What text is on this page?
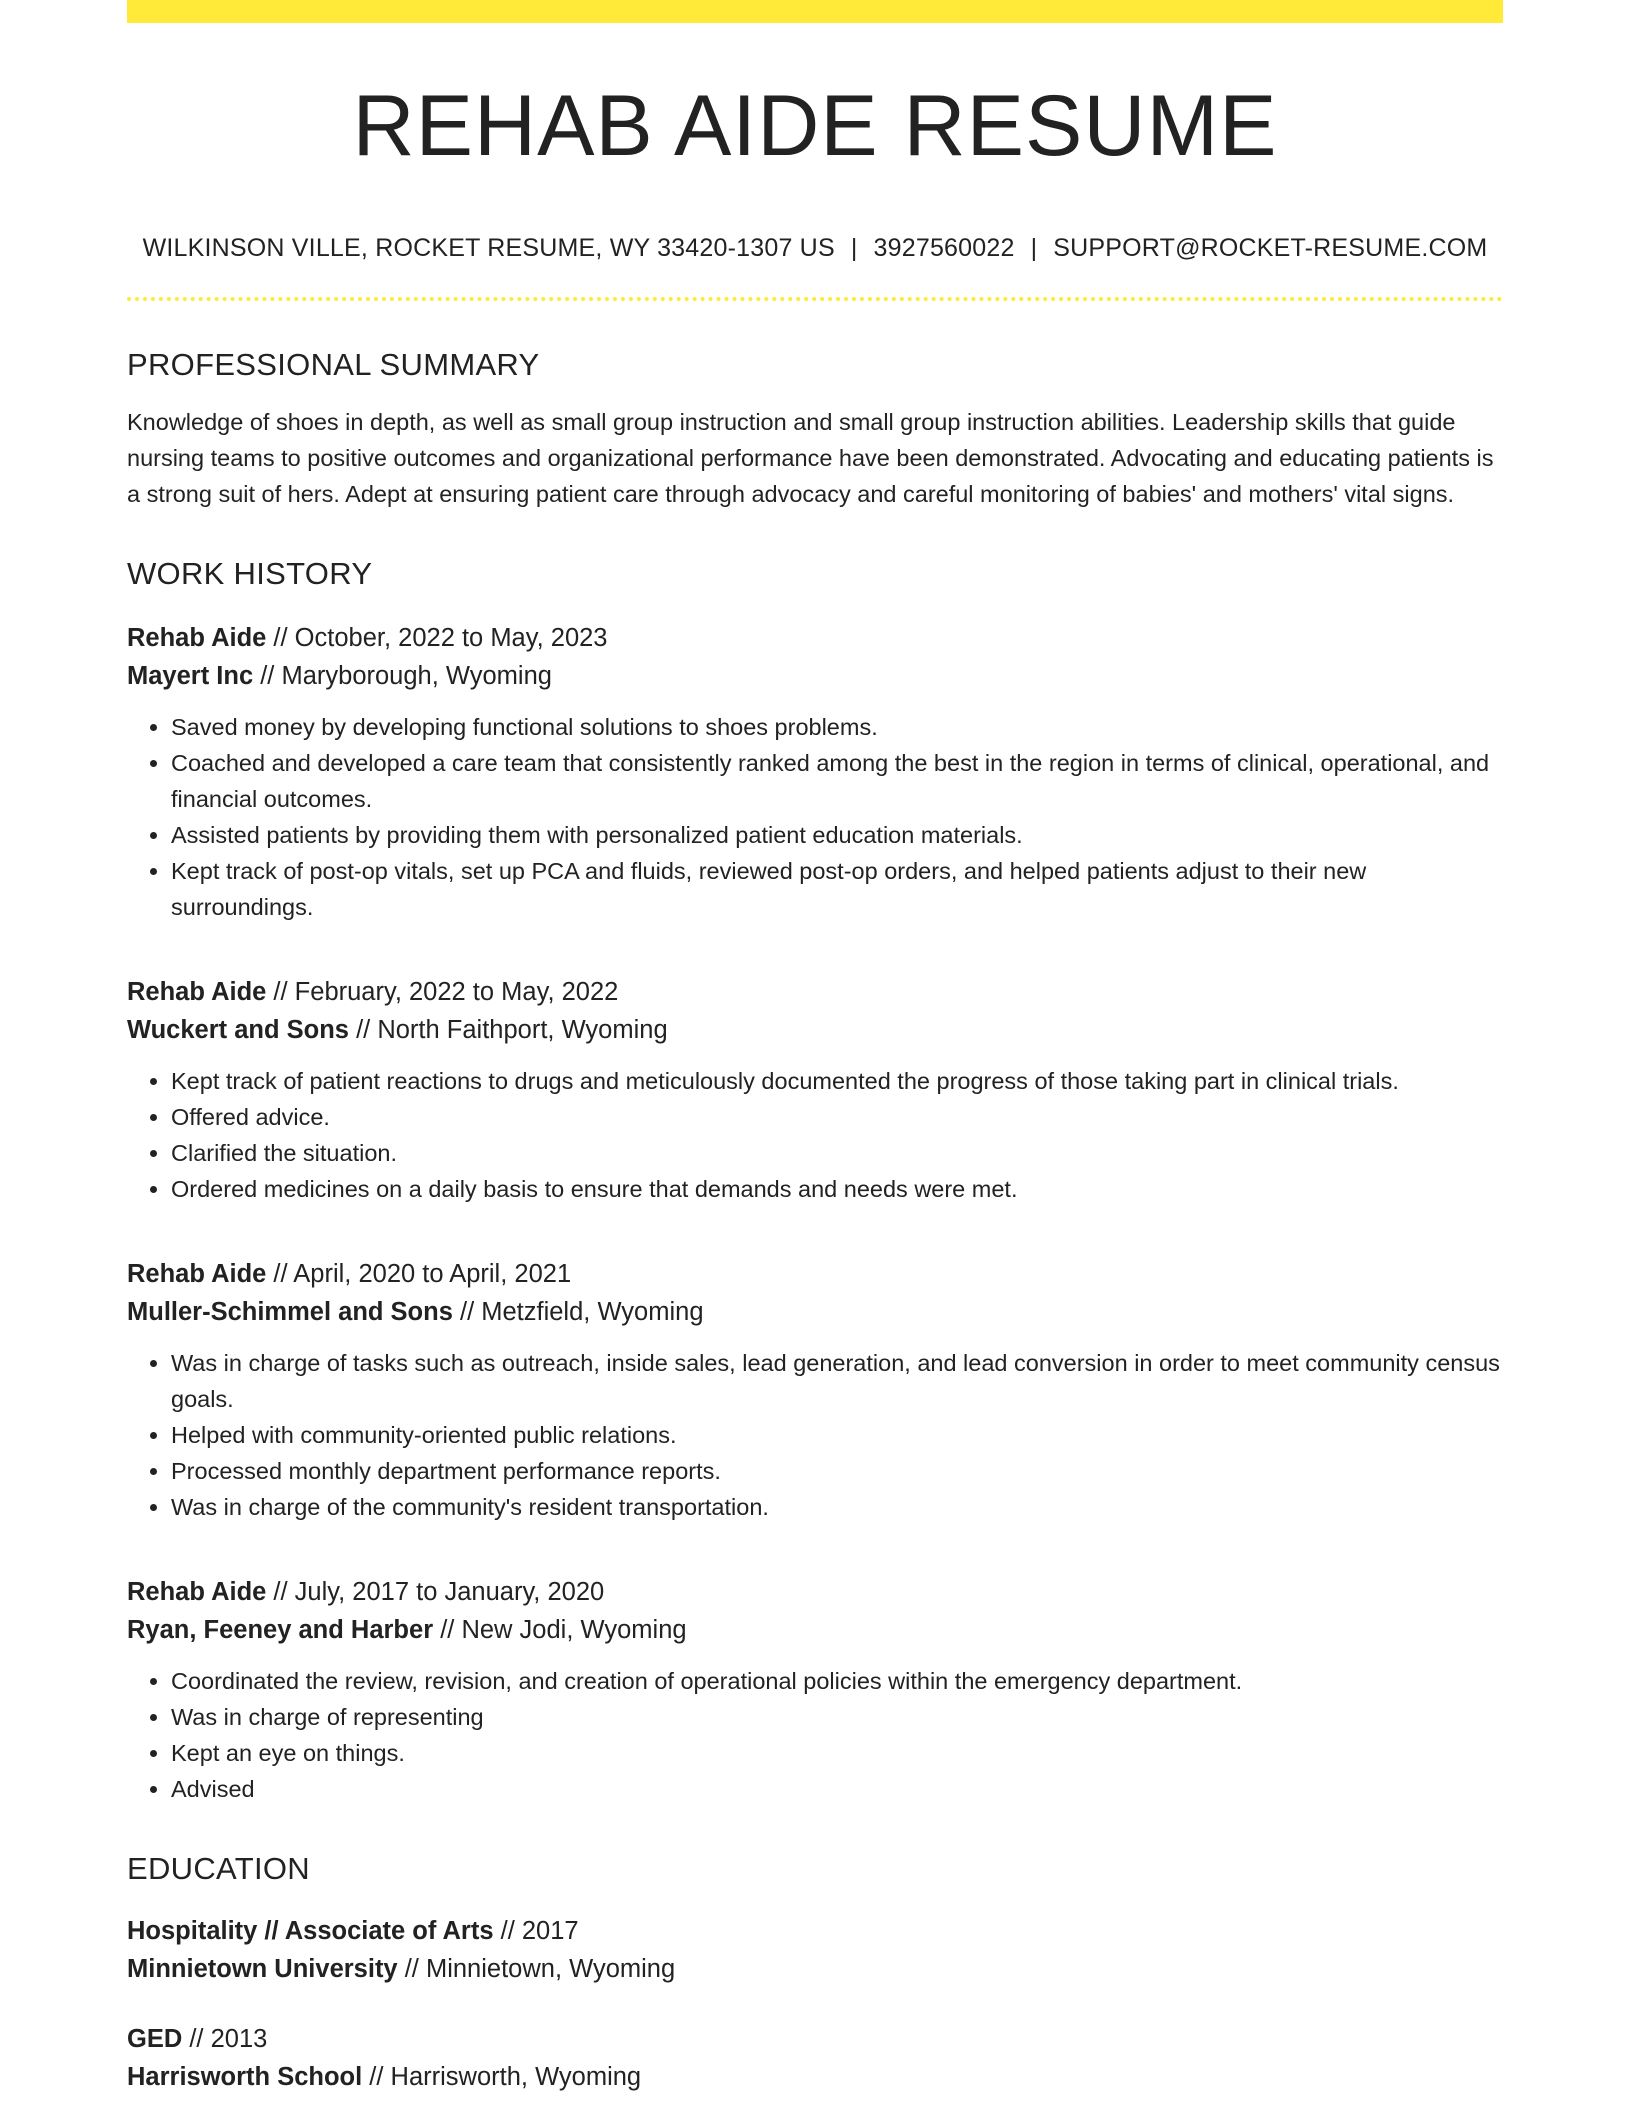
REHAB AIDE RESUME
WILKINSON VILLE, ROCKET RESUME, WY 33420-1307 US | 3927560022 | SUPPORT@ROCKET-RESUME.COM
PROFESSIONAL SUMMARY
Knowledge of shoes in depth, as well as small group instruction and small group instruction abilities. Leadership skills that guide nursing teams to positive outcomes and organizational performance have been demonstrated. Advocating and educating patients is a strong suit of hers. Adept at ensuring patient care through advocacy and careful monitoring of babies' and mothers' vital signs.
WORK HISTORY
Rehab Aide // October, 2022 to May, 2023
Mayert Inc // Maryborough, Wyoming
• Saved money by developing functional solutions to shoes problems.
• Coached and developed a care team that consistently ranked among the best in the region in terms of clinical, operational, and financial outcomes.
• Assisted patients by providing them with personalized patient education materials.
• Kept track of post-op vitals, set up PCA and fluids, reviewed post-op orders, and helped patients adjust to their new surroundings.
Rehab Aide // February, 2022 to May, 2022
Wuckert and Sons // North Faithport, Wyoming
• Kept track of patient reactions to drugs and meticulously documented the progress of those taking part in clinical trials.
• Offered advice.
• Clarified the situation.
• Ordered medicines on a daily basis to ensure that demands and needs were met.
Rehab Aide // April, 2020 to April, 2021
Muller-Schimmel and Sons // Metzfield, Wyoming
• Was in charge of tasks such as outreach, inside sales, lead generation, and lead conversion in order to meet community census goals.
• Helped with community-oriented public relations.
• Processed monthly department performance reports.
• Was in charge of the community's resident transportation.
Rehab Aide // July, 2017 to January, 2020
Ryan, Feeney and Harber // New Jodi, Wyoming
• Coordinated the review, revision, and creation of operational policies within the emergency department.
• Was in charge of representing
• Kept an eye on things.
• Advised
EDUCATION
Hospitality // Associate of Arts // 2017
Minnietown University // Minnietown, Wyoming
GED // 2013
Harrisworth School // Harrisworth, Wyoming
